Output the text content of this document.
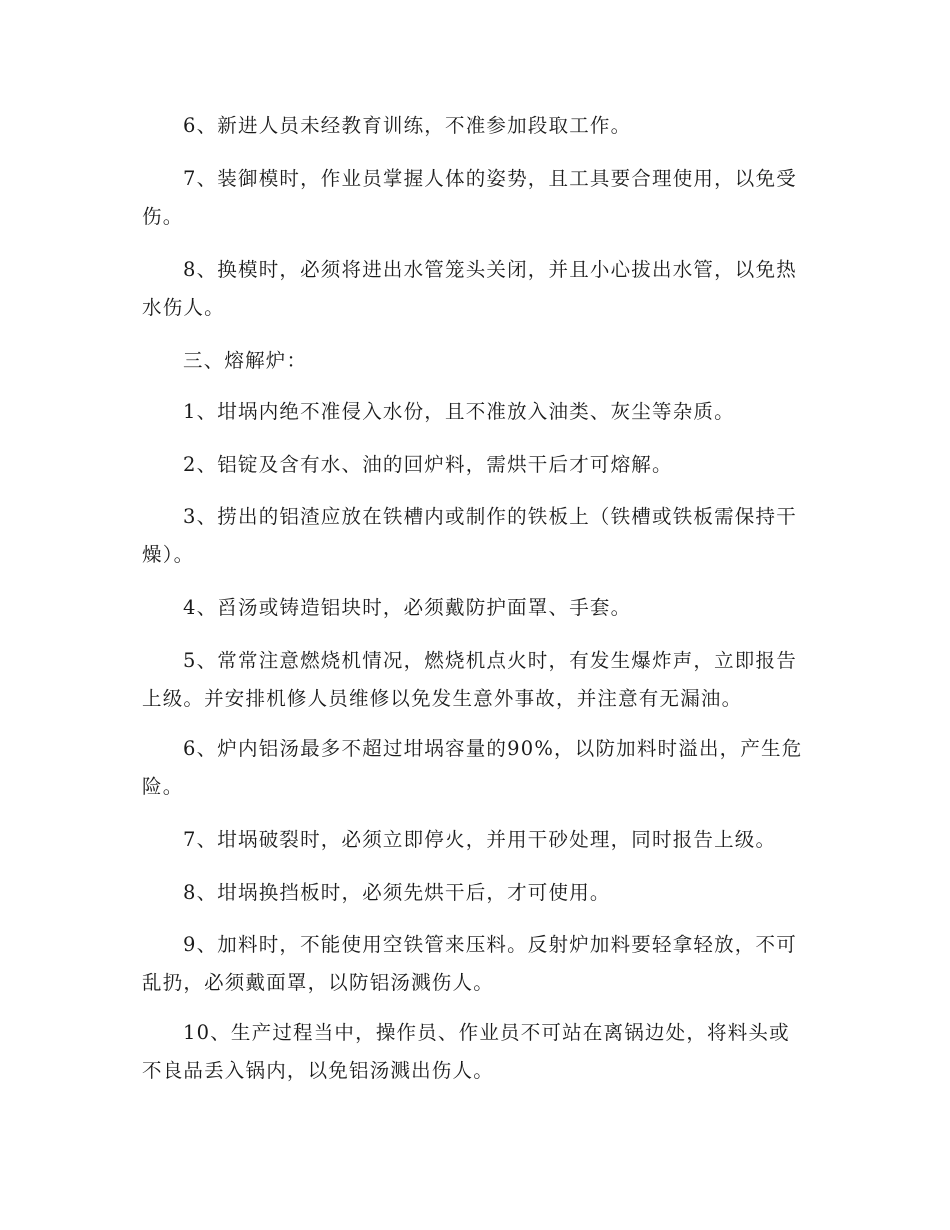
6、新进人员未经教育训练，不准参加段取工作。

7、装御模时，作业员掌握人体的姿势，且工具要合理使用，以免受伤。

8、换模时，必须将进出水管笼头关闭，并且小心拔出水管，以免热水伤人。

三、熔解炉：

1、坩埚内绝不准侵入水份，且不准放入油类、灰尘等杂质。

2、铝锭及含有水、油的回炉料，需烘干后才可熔解。

3、捞出的铝渣应放在铁槽内或制作的铁板上（铁槽或铁板需保持干燥）。

4、舀汤或铸造铝块时，必须戴防护面罩、手套。

5、常常注意燃烧机情况，燃烧机点火时，有发生爆炸声，立即报告上级。并安排机修人员维修以免发生意外事故，并注意有无漏油。

6、炉内铝汤最多不超过坩埚容量的90%，以防加料时溢出，产生危险。

7、坩埚破裂时，必须立即停火，并用干砂处理，同时报告上级。

8、坩埚换挡板时，必须先烘干后，才可使用。

9、加料时，不能使用空铁管来压料。反射炉加料要轻拿轻放，不可乱扔，必须戴面罩，以防铝汤溅伤人。

10、生产过程当中，操作员、作业员不可站在离锅边处，将料头或不良品丢入锅内，以免铝汤溅出伤人。
